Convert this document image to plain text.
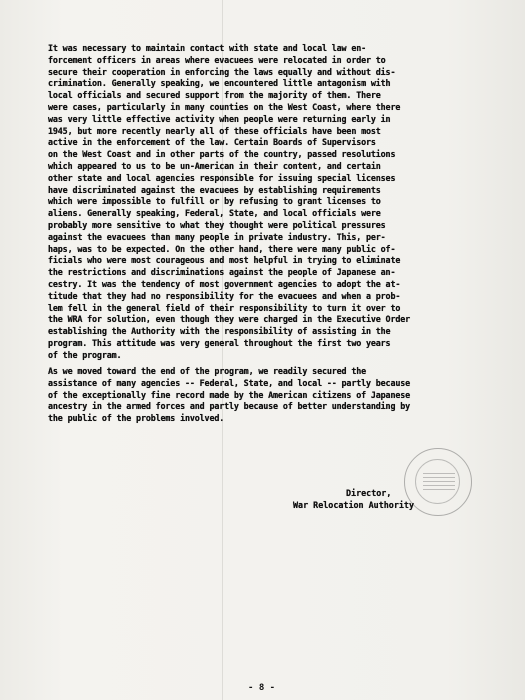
It was necessary to maintain contact with state and local law en-
forcement officers in areas where evacuees were relocated in order to
secure their cooperation in enforcing the laws equally and without dis-
crimination. Generally speaking, we encountered little antagonism with
local officials and secured support from the majority of them. There
were cases, particularly in many counties on the West Coast, where there
was very little effective activity when people were returning early in
1945, but more recently nearly all of these officials have been most
active in the enforcement of the law. Certain Boards of Supervisors
on the West Coast and in other parts of the country, passed resolutions
which appeared to us to be un-American in their content, and certain
other state and local agencies responsible for issuing special licenses
have discriminated against the evacuees by establishing requirements
which were impossible to fulfill or by refusing to grant licenses to
aliens. Generally speaking, Federal, State, and local officials were
probably more sensitive to what they thought were political pressures
against the evacuees than many people in private industry. This, per-
haps, was to be expected. On the other hand, there were many public of-
ficials who were most courageous and most helpful in trying to eliminate
the restrictions and discriminations against the people of Japanese an-
cestry. It was the tendency of most government agencies to adopt the at-
titude that they had no responsibility for the evacuees and when a prob-
lem fell in the general field of their responsibility to turn it over to
the WRA for solution, even though they were charged in the Executive Order
establishing the Authority with the responsibility of assisting in the
program. This attitude was very general throughout the first two years
of the program.
As we moved toward the end of the program, we readily secured the
assistance of many agencies -- Federal, State, and local -- partly because
of the exceptionally fine record made by the American citizens of Japanese
ancestry in the armed forces and partly because of better understanding by
the public of the problems involved.
Director,
War Relocation Authority
- 8 -
